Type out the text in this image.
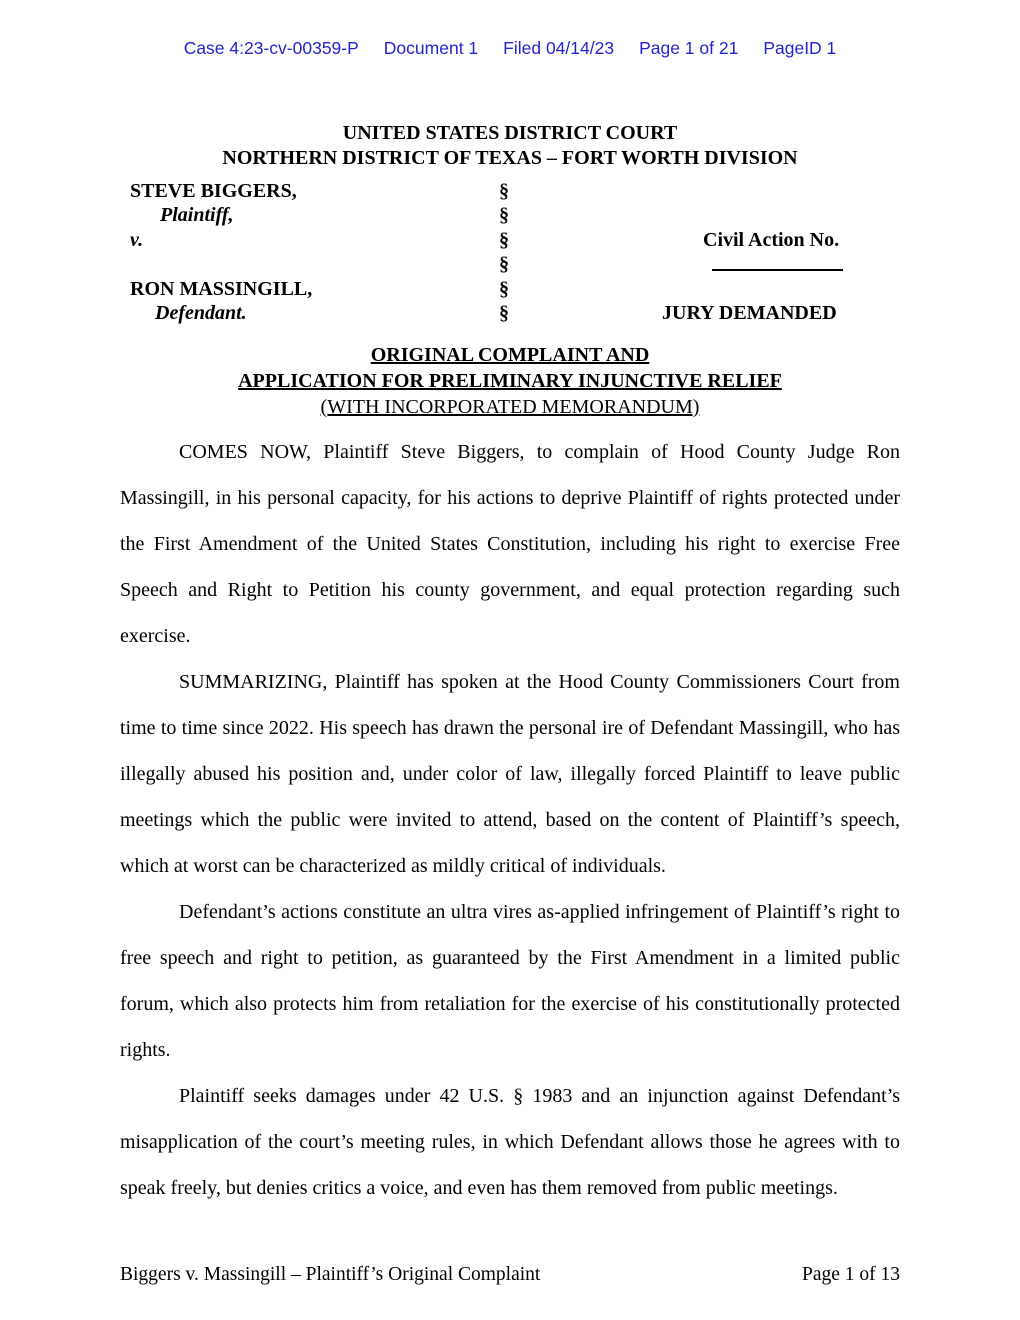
Case 4:23-cv-00359-P Document 1 Filed 04/14/23 Page 1 of 21 PageID 1
UNITED STATES DISTRICT COURT
NORTHERN DISTRICT OF TEXAS – FORT WORTH DIVISION
STEVE BIGGERS,
Plaintiff,
v.
RON MASSINGILL,
Defendant.
§
§
§
§
§
§
Civil Action No.
JURY DEMANDED
ORIGINAL COMPLAINT AND
APPLICATION FOR PRELIMINARY INJUNCTIVE RELIEF
(WITH INCORPORATED MEMORANDUM)

COMES NOW, Plaintiff Steve Biggers, to complain of Hood County Judge Ron Massingill, in his personal capacity, for his actions to deprive Plaintiff of rights protected under the First Amendment of the United States Constitution, including his right to exercise Free Speech and Right to Petition his county government, and equal protection regarding such exercise.

SUMMARIZING, Plaintiff has spoken at the Hood County Commissioners Court from time to time since 2022. His speech has drawn the personal ire of Defendant Massingill, who has illegally abused his position and, under color of law, illegally forced Plaintiff to leave public meetings which the public were invited to attend, based on the content of Plaintiff’s speech, which at worst can be characterized as mildly critical of individuals.

Defendant’s actions constitute an ultra vires as-applied infringement of Plaintiff’s right to free speech and right to petition, as guaranteed by the First Amendment in a limited public forum, which also protects him from retaliation for the exercise of his constitutionally protected rights.

Plaintiff seeks damages under 42 U.S. § 1983 and an injunction against Defendant’s misapplication of the court’s meeting rules, in which Defendant allows those he agrees with to speak freely, but denies critics a voice, and even has them removed from public meetings.

Biggers v. Massingill – Plaintiff’s Original Complaint	Page 1 of 13
